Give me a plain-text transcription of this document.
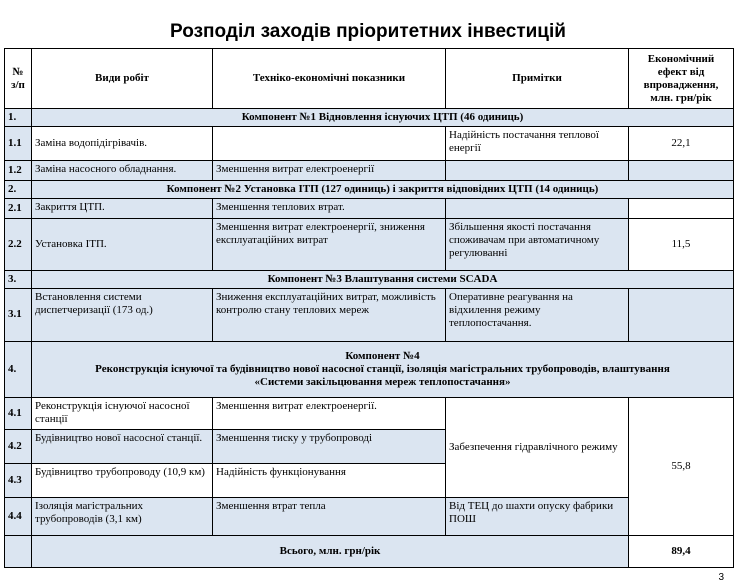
Розподіл заходів пріоритетних інвестицій
№ з/п	Види робіт	Техніко-економічні показники	Примітки	Економічний ефект від впровадження, млн. грн/рік
1.	Компонент №1 Відновлення існуючих ЦТП (46 одиниць)			
1.1	Заміна водопідігрівачів.		Надійність постачання теплової енергії	22,1
1.2	Заміна насосного обладнання.	Зменшення витрат електроенергії		
2.	Компонент №2 Установка ІТП (127 одиниць) і закриття відповідних ЦТП (14 одиниць)			
2.1	Закриття ЦТП.	Зменшення теплових втрат.		
2.2	Установка ІТП.	Зменшення витрат електроенергії, зниження експлуатаційних витрат	Збільшення якості постачання споживачам при автоматичному регулюванні	11,5
3.	Компонент №3 Влаштування системи SCADA			
3.1	Встановлення системи диспетчеризації (173 од.)	Зниження експлуатаційних витрат, можливість контролю стану теплових мереж	Оперативне реагування на відхилення режиму теплопостачання.	
4.	Компонент №4
Реконструкція існуючої та будівництво нової насосної станції, ізоляція магістральних трубопроводів, влаштування
«Системи закільцювання мереж теплопостачання»			

4.1	Реконструкція існуючої насосної станції	Зменшення витрат електроенергії.	Забезпечення гідравлічного режиму	55,8
4.2	Будівництво нової насосної станції.	Зменшення тиску у трубопроводі		
4.3	Будівництво трубопроводу (10,9 км)	Надійність функціонування		
4.4	Ізоляція магістральних трубопроводів (3,1 км)	Зменшення втрат тепла	Від ТЕЦ до шахти опуску фабрики ПОШ	
	Всього, млн. грн/рік			89,4
3
